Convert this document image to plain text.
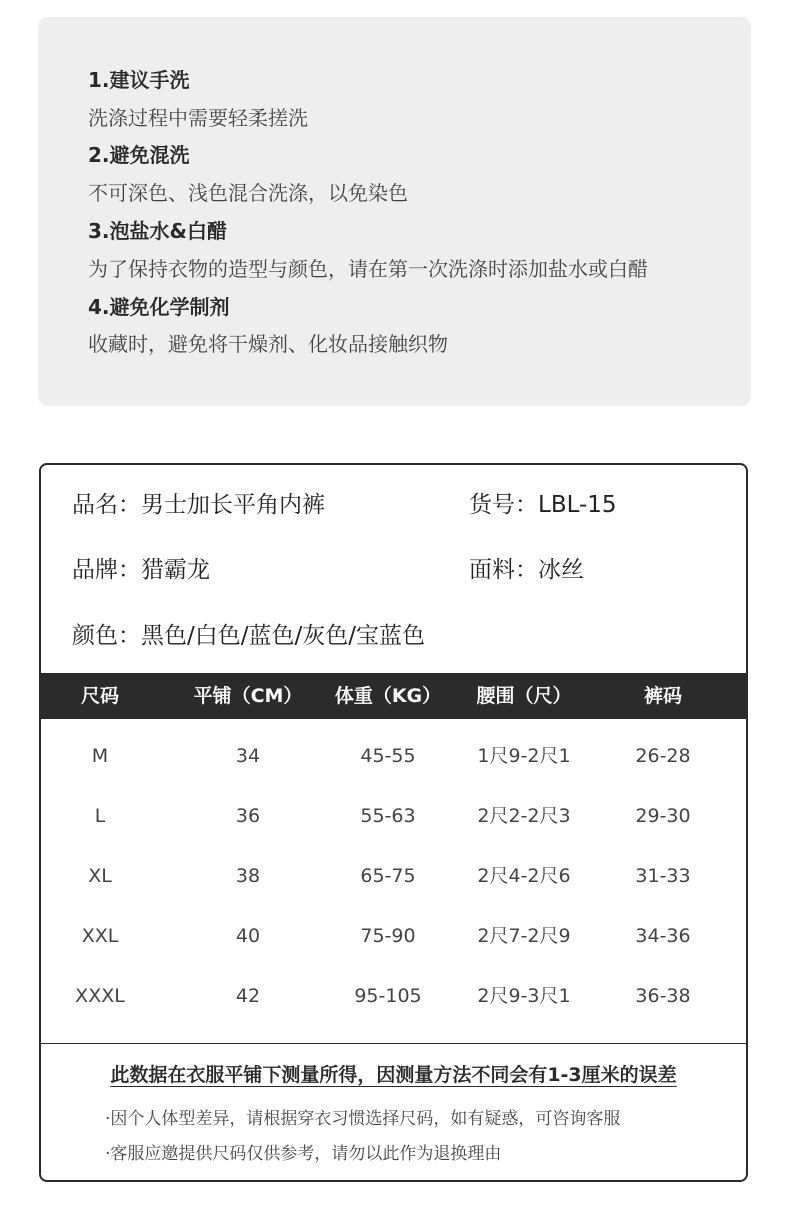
1.建议手洗
洗涤过程中需要轻柔搓洗
2.避免混洗
不可深色、浅色混合洗涤，以免染色
3.泡盐水&白醋
为了保持衣物的造型与颜色，请在第一次洗涤时添加盐水或白醋
4.避免化学制剂
收藏时，避免将干燥剂、化妆品接触织物
品名：男士加长平角内裤	货号：LBL-15
品牌：猎霸龙	面料：冰丝
颜色：黑色/白色/蓝色/灰色/宝蓝色
尺码	平铺（CM） 体重（KG） 腰围（尺）	裤码
M	34	45-55	1尺9-2尺1	26-28
L	36	55-63	2尺2-2尺3	29-30
XL	38	65-75	2尺4-2尺6	31-33
XXL	40	75-90	2尺7-2尺9	34-36
XXXL	42	95-105	2尺9-3尺1	36-38
此数据在衣服平铺下测量所得，因测量方法不同会有1-3厘米的误差
·因个人体型差异，请根据穿衣习惯选择尺码，如有疑惑，可咨询客服
·客服应邀提供尺码仅供参考，请勿以此作为退换理由
